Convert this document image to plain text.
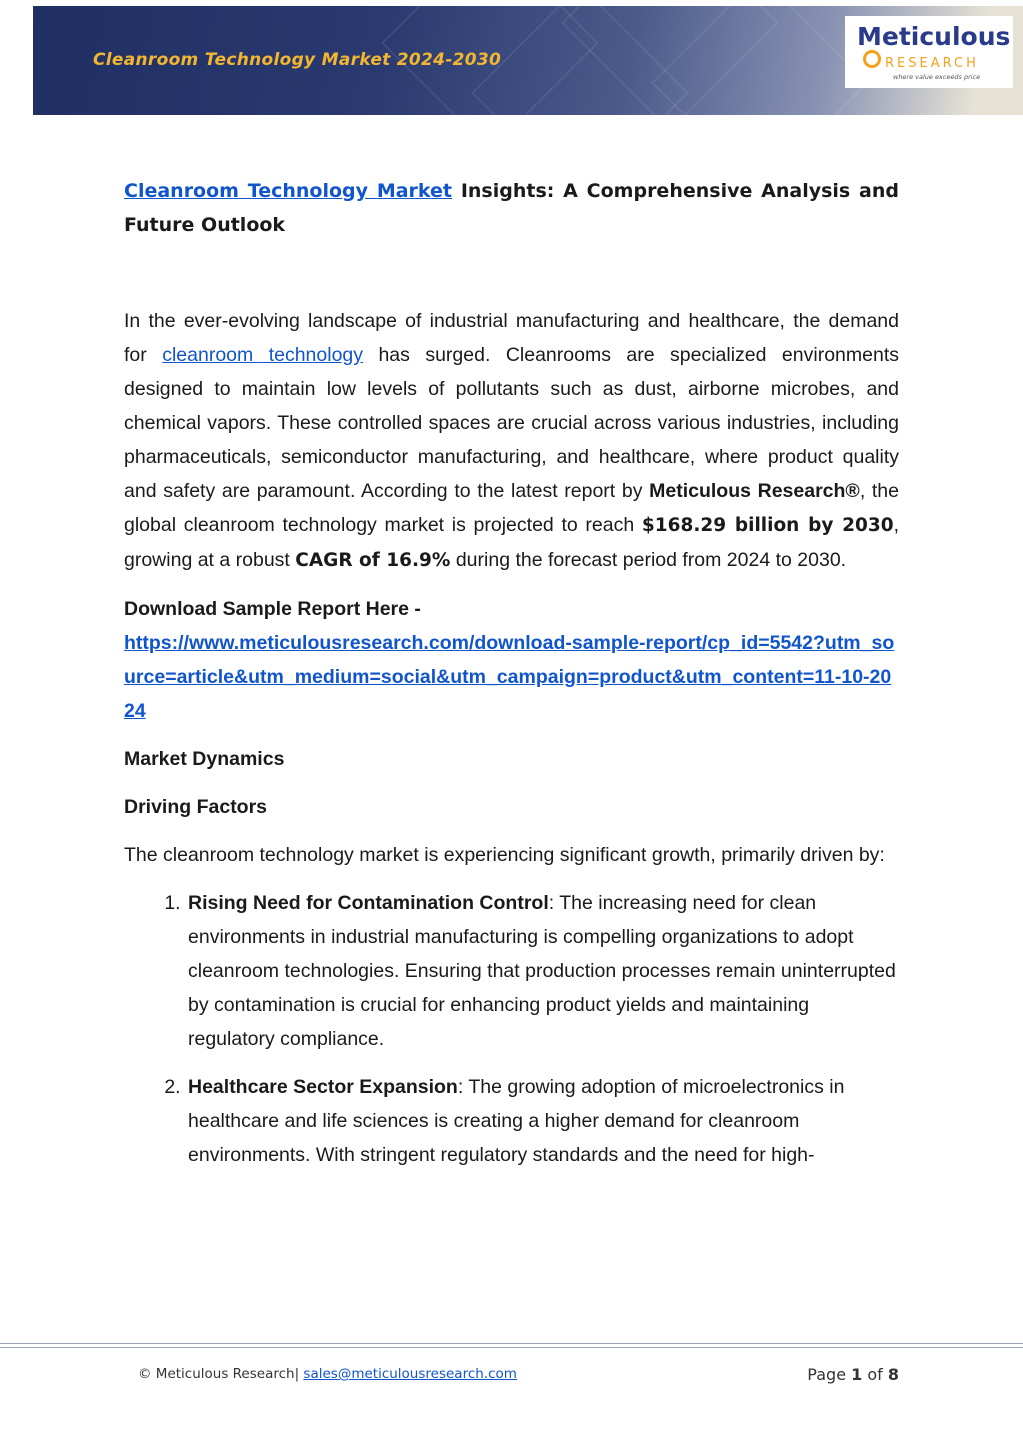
Cleanroom Technology Market 2024-2030
Meticulous
RESEARCH
where value exceeds price
Cleanroom Technology Market Insights: A Comprehensive Analysis and Future Outlook

In the ever-evolving landscape of industrial manufacturing and healthcare, the demand for cleanroom technology has surged. Cleanrooms are specialized environments designed to maintain low levels of pollutants such as dust, airborne microbes, and chemical vapors. These controlled spaces are crucial across various industries, including pharmaceuticals, semiconductor manufacturing, and healthcare, where product quality and safety are paramount. According to the latest report by Meticulous Research®, the global cleanroom technology market is projected to reach $168.29 billion by 2030, growing at a robust CAGR of 16.9% during the forecast period from 2024 to 2030.

Download Sample Report Here -
https://www.meticulousresearch.com/download-sample-report/cp_id=5542?utm_source=article&utm_medium=social&utm_campaign=product&utm_content=11-10-2024
Market Dynamics
Driving Factors

The cleanroom technology market is experiencing significant growth, primarily driven by:

1. Rising Need for Contamination Control: The increasing need for clean environments in industrial manufacturing is compelling organizations to adopt cleanroom technologies. Ensuring that production processes remain uninterrupted by contamination is crucial for enhancing product yields and maintaining regulatory compliance.
2. Healthcare Sector Expansion: The growing adoption of microelectronics in healthcare and life sciences is creating a higher demand for cleanroom environments. With stringent regulatory standards and the need for high-
© Meticulous Research| sales@meticulousresearch.com	Page 1 of 8
